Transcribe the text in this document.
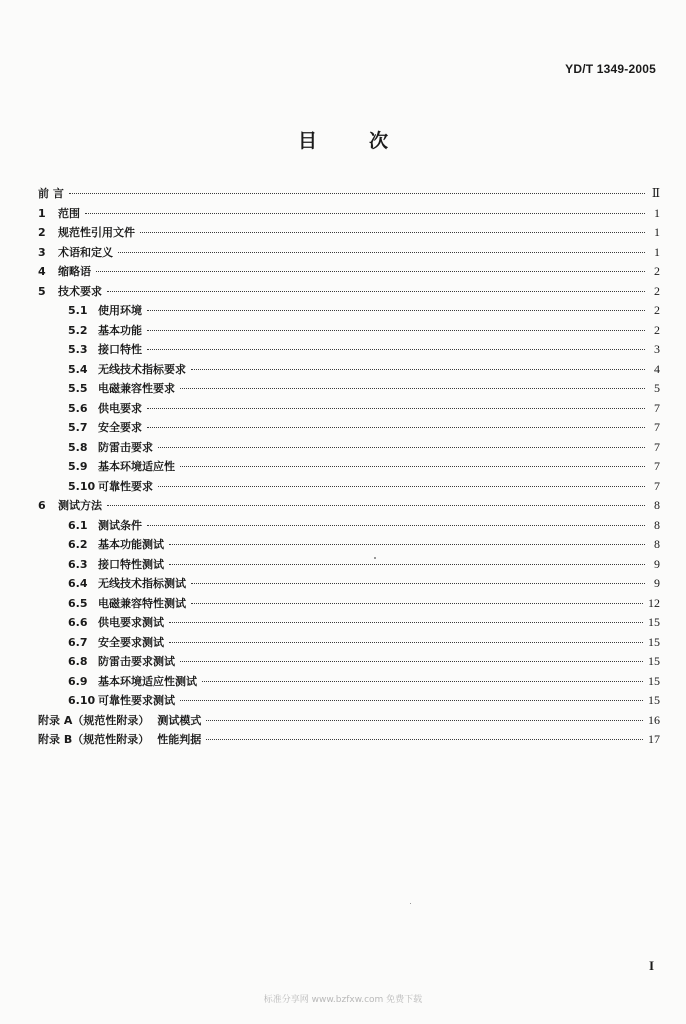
YD/T 1349-2005
目次
前 言	Ⅱ
1	范围	1
2	规范性引用文件	1
3	术语和定义	1
4	缩略语	2
5	技术要求	2
5.1 使用环境	2
5.2 基本功能	2
5.3 接口特性	3
5.4 无线技术指标要求	4
5.5 电磁兼容性要求	5
5.6 供电要求	7
5.7 安全要求	7
5.8 防雷击要求	7
5.9 基本环境适应性	7
5.10 可靠性要求	7
6	测试方法	8
6.1 测试条件	8
6.2 基本功能测试	8
6.3 接口特性测试	9
6.4 无线技术指标测试	9
6.5 电磁兼容特性测试	12
6.6 供电要求测试	15
6.7 安全要求测试	15
6.8 防雷击要求测试	15
6.9 基本环境适应性测试	15
6.10 可靠性要求测试	15
附录 A（规范性附录） 测试模式	16
附录 B（规范性附录） 性能判据	17
I
标准分享网 www.bzfxw.com 免费下载
